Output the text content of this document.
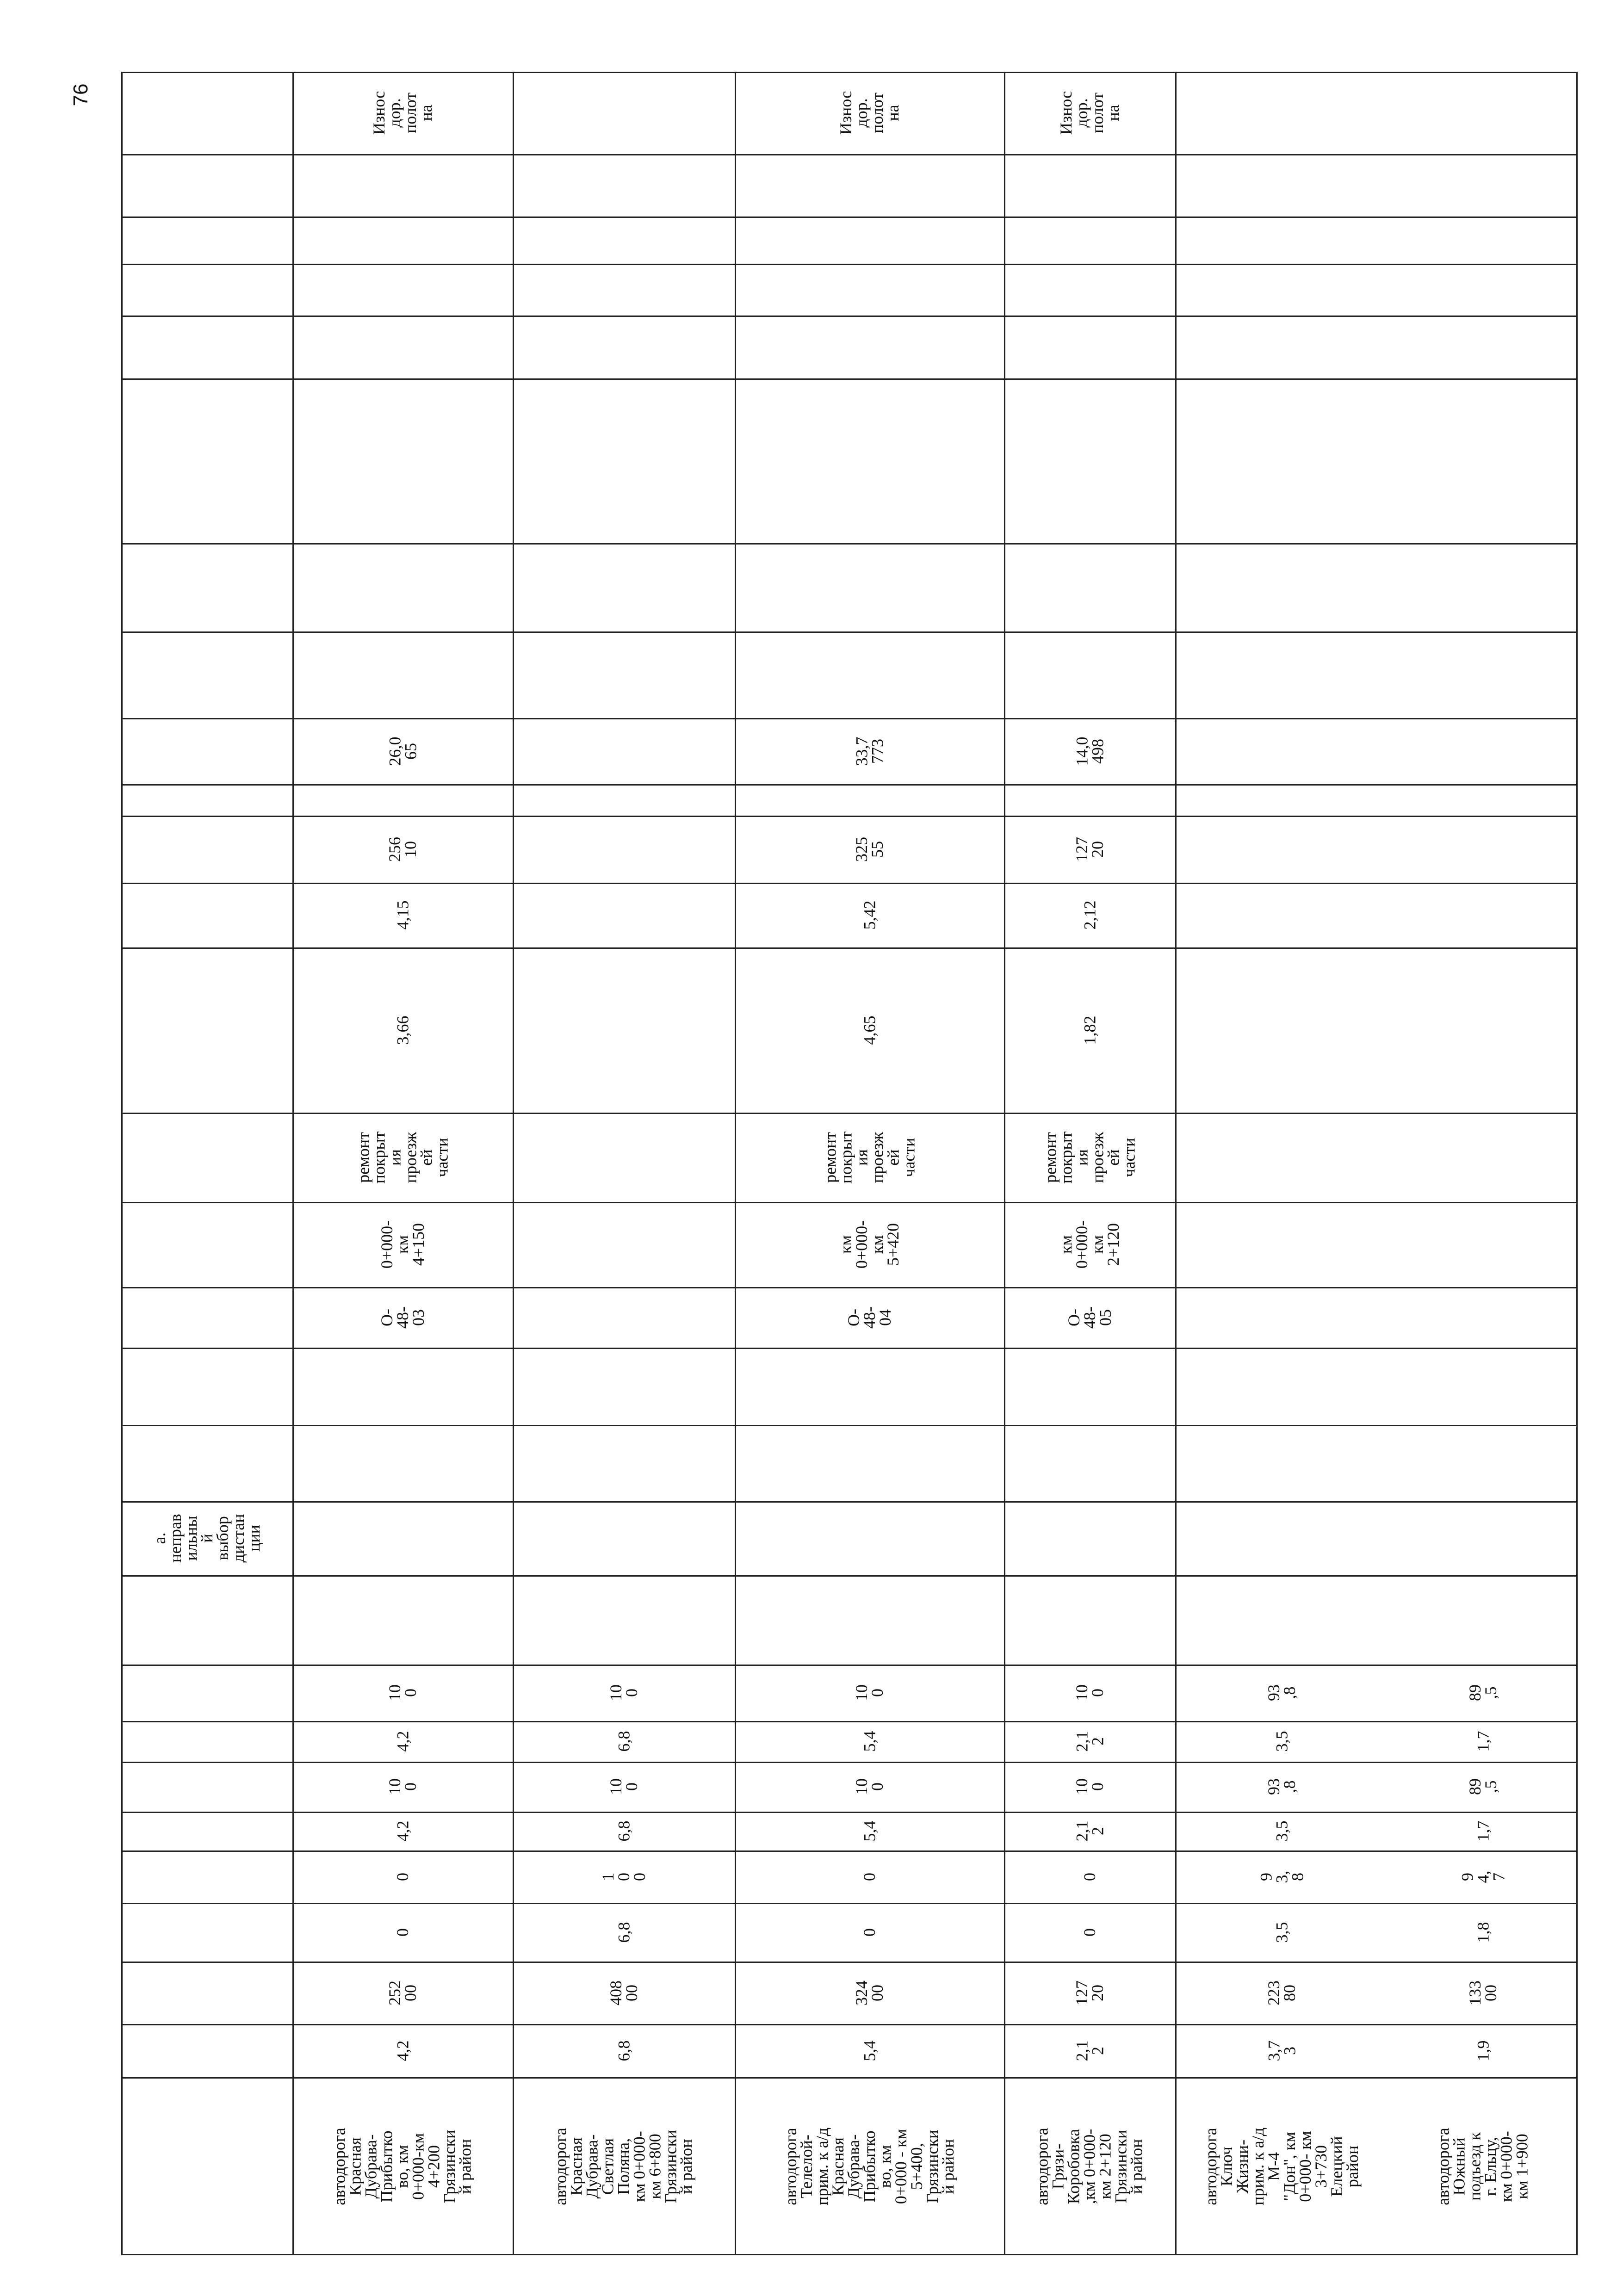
76
а.
неправ
ильны
й
выбор
дистан
ции
Износ
дор.
полот
на
26,0
65
256
10
4,15
3,66
ремонт
покрыт
ия
проезж
ей
части
0+000-
км
4+150
О-
48-
03
10
0
4,2
10
0
4,2
0
0
252
00
4,2
автодорога
Красная
Дубрава-
Прибытко
во, км
0+000-км
4+200
Грязински
й район
10
0
6,8
10
0
6,8
1
0
0
6,8
408
00
6,8
автодорога
Красная
Дубрава-
Светлая
Поляна,
км 0+000-
км 6+800
Грязински
й район
Износ
дор.
полот
на
33,7
773
325
55
5,42
4,65
ремонт
покрыт
ия
проезж
ей
части
км
0+000-
км
5+420
О-
48-
04
10
0
5,4
10
0
5,4
0
0
324
00
5,4
автодорога
Телелой-
прим. к а/д
Красная
Дубрава-
Прибытко
во, км
0+000 - км
5+400,
Грязински
й район
Износ
дор.
полот
на
14,0
498
127
20
2,12
1,82
ремонт
покрыт
ия
проезж
ей
части
км
0+000-
км
2+120
О-
48-
05
10
0
2,1
2
10
0
2,1
2
0
0
127
20
2,1
2
автодорога
Грязи-
Коробовка
,км 0+000-
км 2+120
Грязински
й район
93
,8
3,5
93
,8
3,5
9
3,
8
3,5
223
80
3,7
3
автодорога
Ключ
Жизни-
прим. к а/д
М-4
"Дон", км
0+000- км
3+730
Елецкий
район
89
,5
1,7
89
,5
1,7
9
4,
7
1,8
133
00
1,9
автодорога
Южный
подъезд к
г. Ельцу,
км 0+000-
км 1+900
